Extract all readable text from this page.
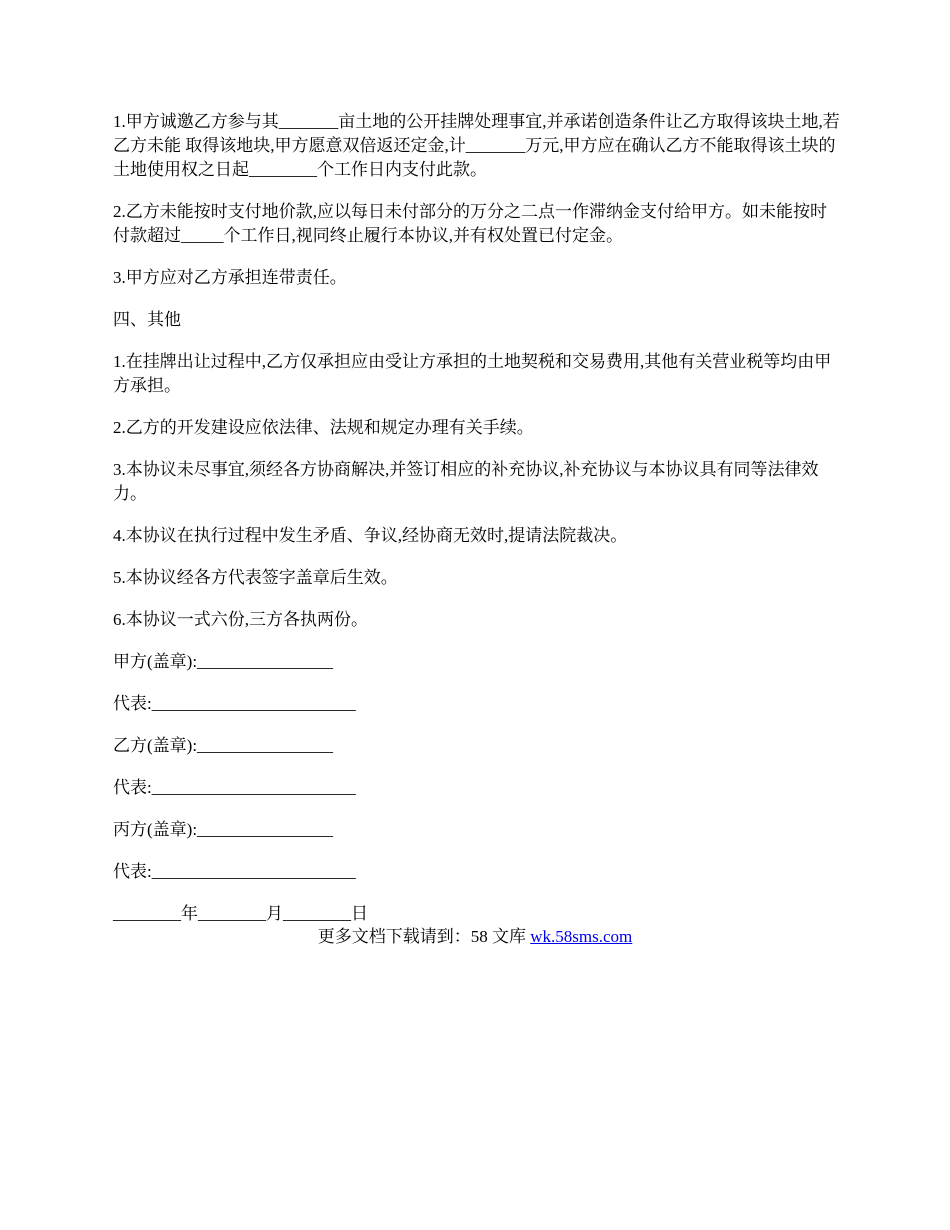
1.甲方诚邀乙方参与其_______亩土地的公开挂牌处理事宜,并承诺创造条件让乙方取得该块土地,若乙方未能 取得该地块,甲方愿意双倍返还定金,计_______万元,甲方应在确认乙方不能取得该土块的土地使用权之日起________个工作日内支付此款。

2.乙方未能按时支付地价款,应以每日未付部分的万分之二点一作滞纳金支付给甲方。如未能按时付款超过_____个工作日,视同终止履行本协议,并有权处置已付定金。

3.甲方应对乙方承担连带责任。

四、其他

1.在挂牌出让过程中,乙方仅承担应由受让方承担的土地契税和交易费用,其他有关营业税等均由甲方承担。

2.乙方的开发建设应依法律、法规和规定办理有关手续。

3.本协议未尽事宜,须经各方协商解决,并签订相应的补充协议,补充协议与本协议具有同等法律效力。

4.本协议在执行过程中发生矛盾、争议,经协商无效时,提请法院裁决。

5.本协议经各方代表签字盖章后生效。

6.本协议一式六份,三方各执两份。

甲方(盖章):________________

代表:________________________

乙方(盖章):________________

代表:________________________

丙方(盖章):________________

代表:________________________

________年________月________日

更多文档下载请到：58 文库 wk.58sms.com
